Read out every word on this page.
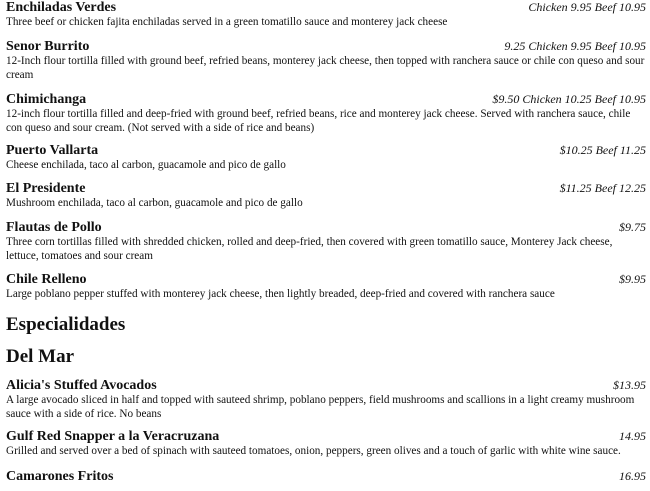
Enchiladas Verdes	Chicken 9.95 Beef 10.95
Three beef or chicken fajita enchiladas served in a green tomatillo sauce and monterey jack cheese
Senor Burrito	9.25 Chicken 9.95 Beef 10.95
12-Inch flour tortilla filled with ground beef, refried beans, monterey jack cheese, then topped with ranchera sauce or chile con queso and sour cream
Chimichanga	$9.50 Chicken 10.25 Beef 10.95
12-inch flour tortilla filled and deep-fried with ground beef, refried beans, rice and monterey jack cheese. Served with ranchera sauce, chile con queso and sour cream. (Not served with a side of rice and beans)
Puerto Vallarta	$10.25 Beef 11.25
Cheese enchilada, taco al carbon, guacamole and pico de gallo
El Presidente	$11.25 Beef 12.25
Mushroom enchilada, taco al carbon, guacamole and pico de gallo
Flautas de Pollo	$9.75
Three corn tortillas filled with shredded chicken, rolled and deep-fried, then covered with green tomatillo sauce, Monterey Jack cheese, lettuce, tomatoes and sour cream
Chile Relleno	$9.95
Large poblano pepper stuffed with monterey jack cheese, then lightly breaded, deep-fried and covered with ranchera sauce
Especialidades
Del Mar
Alicia's Stuffed Avocados	$13.95
A large avocado sliced in half and topped with sauteed shrimp, poblano peppers, field mushrooms and scallions in a light creamy mushroom sauce with a side of rice. No beans
Gulf Red Snapper a la Veracruzana	14.95
Grilled and served over a bed of spinach with sauteed tomatoes, onion, peppers, green olives and a touch of garlic with white wine sauce.
Camarones Fritos	16.95
